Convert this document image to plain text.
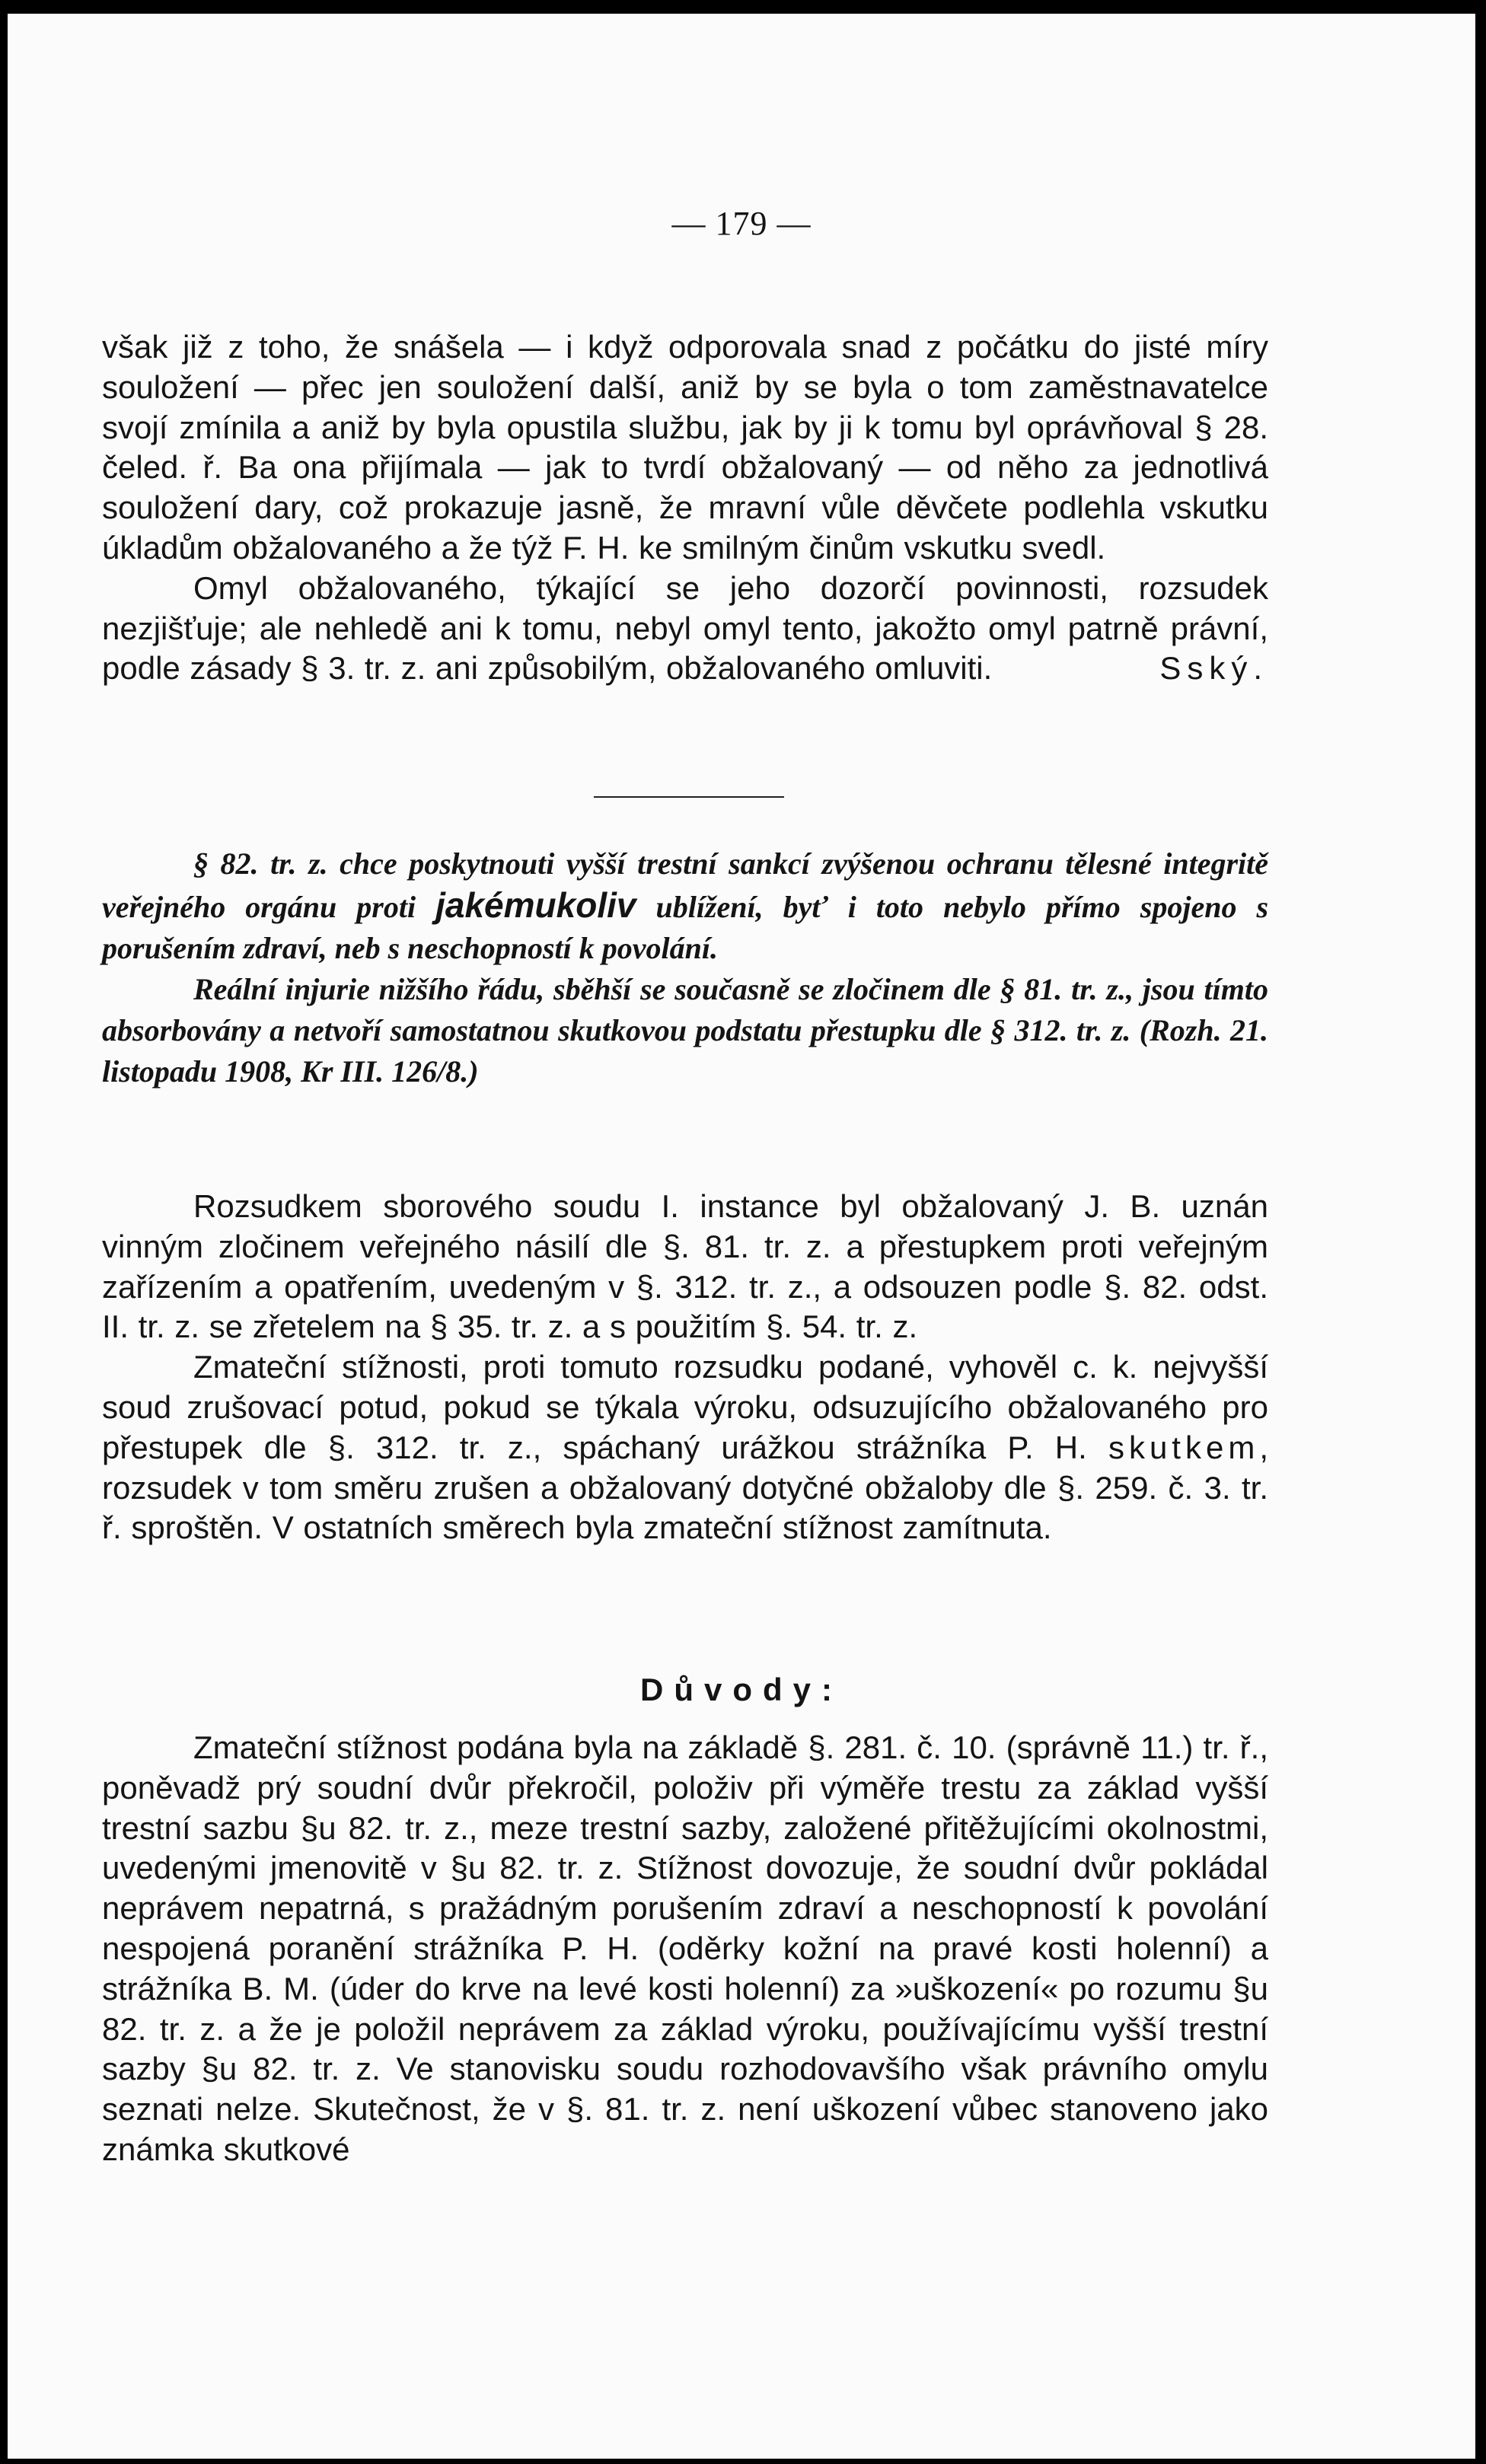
— 179 —

však již z toho, že snášela — i když odporovala snad z počátku do jisté míry souložení — přec jen souložení další, aniž by se byla o tom zaměstnavatelce svojí zmínila a aniž by byla opustila službu, jak by ji k tomu byl oprávňoval § 28. čeled. ř. Ba ona přijímala — jak to tvrdí obžalovaný — od něho za jednotlivá souložení dary, což prokazuje jasně, že mravní vůle děvčete podlehla vskutku úkladům obžalovaného a že týž F. H. ke smilným činům vskutku svedl.

Omyl obžalovaného, týkající se jeho dozorčí povinnosti, rozsudek nezjišťuje; ale nehledě ani k tomu, nebyl omyl tento, jakožto omyl patrně právní, podle zásady § 3. tr. z. ani způsobilým, obžalovaného omluviti.	Sský.

§ 82. tr. z. chce poskytnouti vyšší trestní sankcí zvýšenou ochranu tělesné integritě veřejného orgánu proti jakémukoliv ublížení, byť i toto nebylo přímo spojeno s porušením zdraví, neb s neschopností k povolání.

Reální injurie nižšího řádu, sběhší se současně se zločinem dle § 81. tr. z., jsou tímto absorbovány a netvoří samostatnou skutkovou podstatu přestupku dle § 312. tr. z. (Rozh. 21. listopadu 1908, Kr III. 126/8.)

Rozsudkem sborového soudu I. instance byl obžalovaný J. B. uznán vinným zločinem veřejného násilí dle §. 81. tr. z. a přestupkem proti veřejným zařízením a opatřením, uvedeným v §. 312. tr. z., a odsouzen podle §. 82. odst. II. tr. z. se zřetelem na § 35. tr. z. a s použitím §. 54. tr. z.

Zmateční stížnosti, proti tomuto rozsudku podané, vyhověl c. k. nejvyšší soud zrušovací potud, pokud se týkala výroku, odsuzujícího obžalovaného pro přestupek dle §. 312. tr. z., spáchaný urážkou strážníka P. H. skutkem, rozsudek v tom směru zrušen a obžalovaný dotyčné obžaloby dle §. 259. č. 3. tr. ř. sproštěn. V ostatních směrech byla zmateční stížnost zamítnuta.

Důvody:

Zmateční stížnost podána byla na základě §. 281. č. 10. (správně 11.) tr. ř., poněvadž prý soudní dvůr překročil, položiv při výměře trestu za základ vyšší trestní sazbu §u 82. tr. z., meze trestní sazby, založené přitěžujícími okolnostmi, uvedenými jmenovitě v §u 82. tr. z. Stížnost dovozuje, že soudní dvůr pokládal neprávem nepatrná, s pražádným porušením zdraví a neschopností k povolání nespojená poranění strážníka P. H. (oděrky kožní na pravé kosti holenní) a strážníka B. M. (úder do krve na levé kosti holenní) za »uškození« po rozumu §u 82. tr. z. a že je položil neprávem za základ výroku, používajícímu vyšší trestní sazby §u 82. tr. z. Ve stanovisku soudu rozhodovavšího však právního omylu seznati nelze. Skutečnost, že v §. 81. tr. z. není uškození vůbec stanoveno jako známka skutkové
